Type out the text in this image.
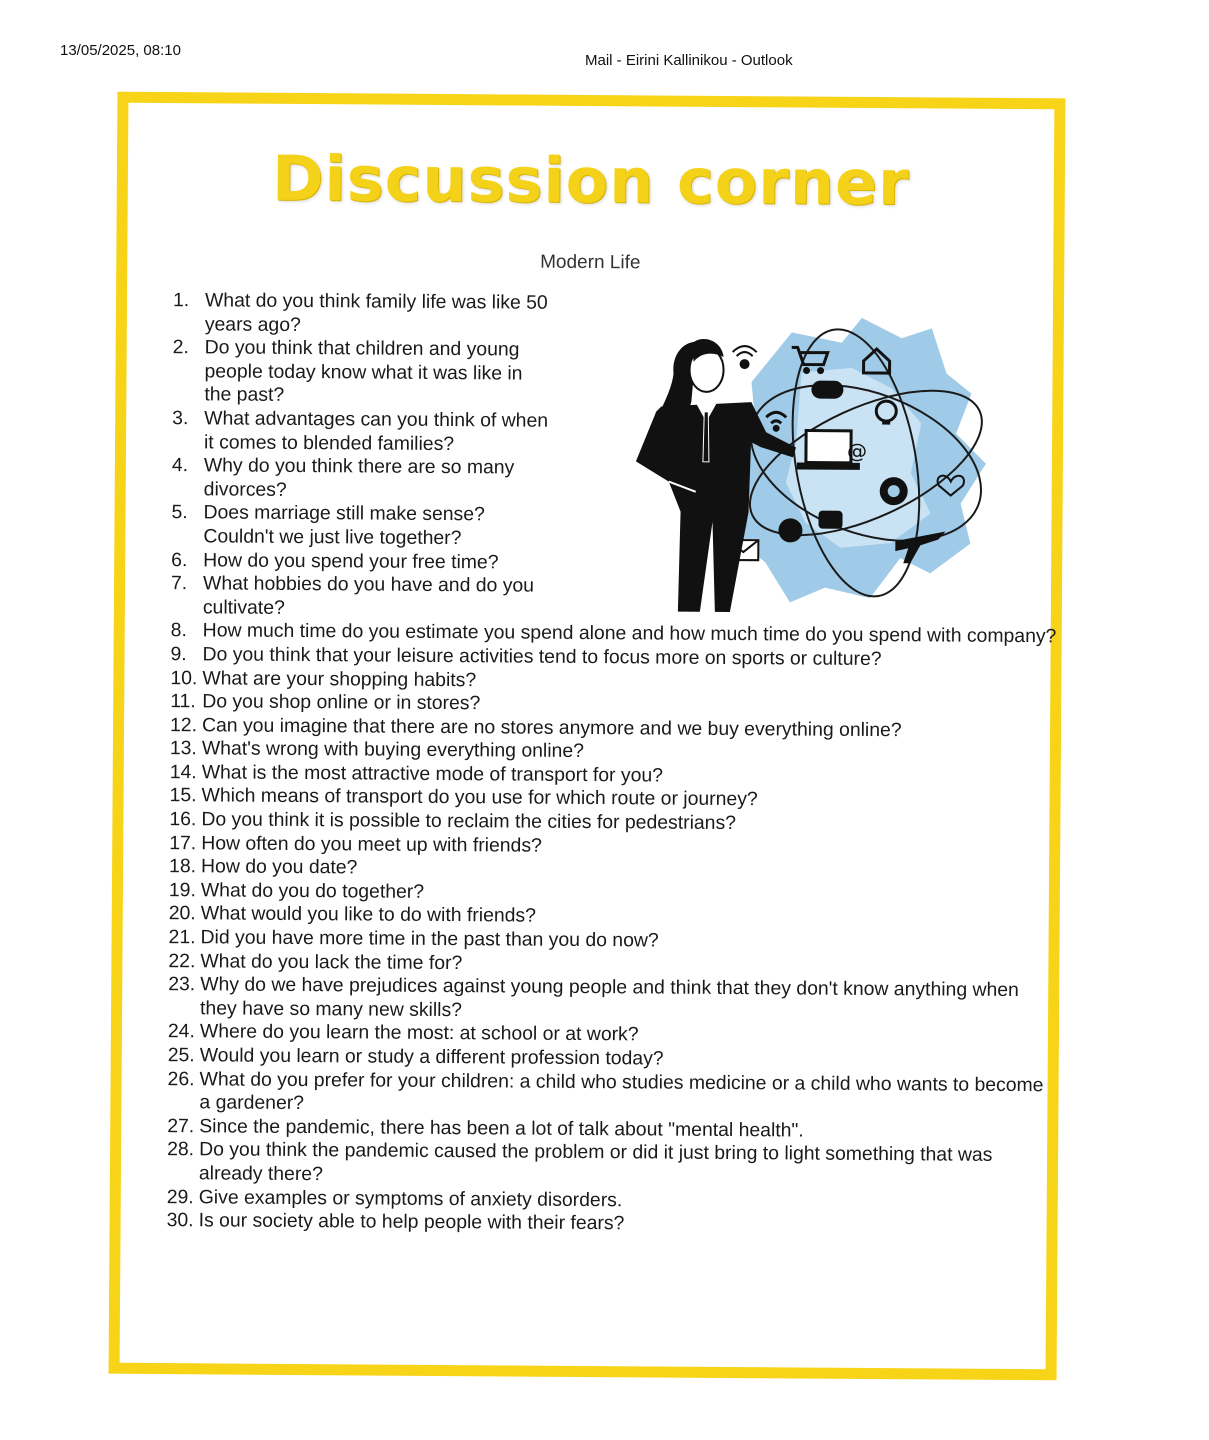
13/05/2025, 08:10
Mail - Eirini Kallinikou - Outlook
Discussion corner
Modern Life
@
1. What do you think family life was like 50 years ago?
2. Do you think that children and young people today know what it was like in the past?
3. What advantages can you think of when it comes to blended families?
4. Why do you think there are so many divorces?
5. Does marriage still make sense? Couldn't we just live together?
6. How do you spend your free time?
7. What hobbies do you have and do you cultivate?
8. How much time do you estimate you spend alone and how much time do you spend with company?
9. Do you think that your leisure activities tend to focus more on sports or culture?
10. What are your shopping habits?
11. Do you shop online or in stores?
12. Can you imagine that there are no stores anymore and we buy everything online?
13. What's wrong with buying everything online?
14. What is the most attractive mode of transport for you?
15. Which means of transport do you use for which route or journey?
16. Do you think it is possible to reclaim the cities for pedestrians?
17. How often do you meet up with friends?
18. How do you date?
19. What do you do together?
20. What would you like to do with friends?
21. Did you have more time in the past than you do now?
22. What do you lack the time for?
23. Why do we have prejudices against young people and think that they don't know anything when they have so many new skills?
24. Where do you learn the most: at school or at work?
25. Would you learn or study a different profession today?
26. What do you prefer for your children: a child who studies medicine or a child who wants to become a gardener?
27. Since the pandemic, there has been a lot of talk about "mental health".
28. Do you think the pandemic caused the problem or did it just bring to light something that was already there?
29. Give examples or symptoms of anxiety disorders.
30. Is our society able to help people with their fears?
